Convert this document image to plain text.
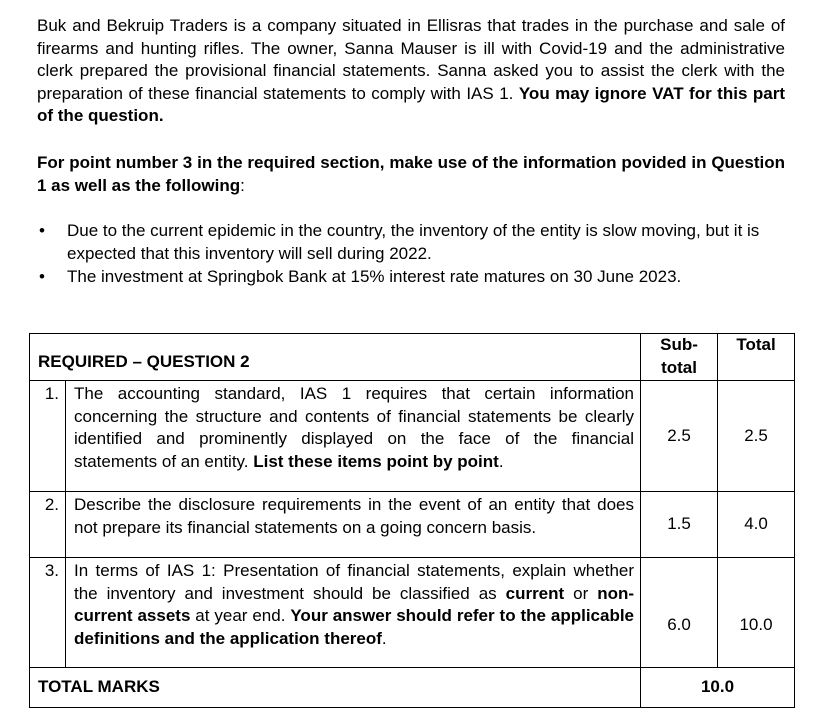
Buk and Bekruip Traders is a company situated in Ellisras that trades in the purchase and sale of firearms and hunting rifles. The owner, Sanna Mauser is ill with Covid-19 and the administrative clerk prepared the provisional financial statements. Sanna asked you to assist the clerk with the preparation of these financial statements to comply with IAS 1. You may ignore VAT for this part of the question.

For point number 3 in the required section, make use of the information povided in Question 1 as well as the following:

• Due to the current epidemic in the country, the inventory of the entity is slow moving, but it is expected that this inventory will sell during 2022.
• The investment at Springbok Bank at 15% interest rate matures on 30 June 2023.
REQUIRED – QUESTION 2		Sub-
total	Total
1.	The accounting standard, IAS 1 requires that certain information concerning the structure and contents of financial statements be clearly identified and prominently displayed on the face of the financial statements of an entity. List these items point by point.	2.5	2.5
2.	Describe the disclosure requirements in the event of an entity that does not prepare its financial statements on a going concern basis.	1.5	4.0
3.	In terms of IAS 1: Presentation of financial statements, explain whether the inventory and investment should be classified as current or non-current assets at year end. Your answer should refer to the applicable definitions and the application thereof.	6.0	10.0
TOTAL MARKS		10.0	
